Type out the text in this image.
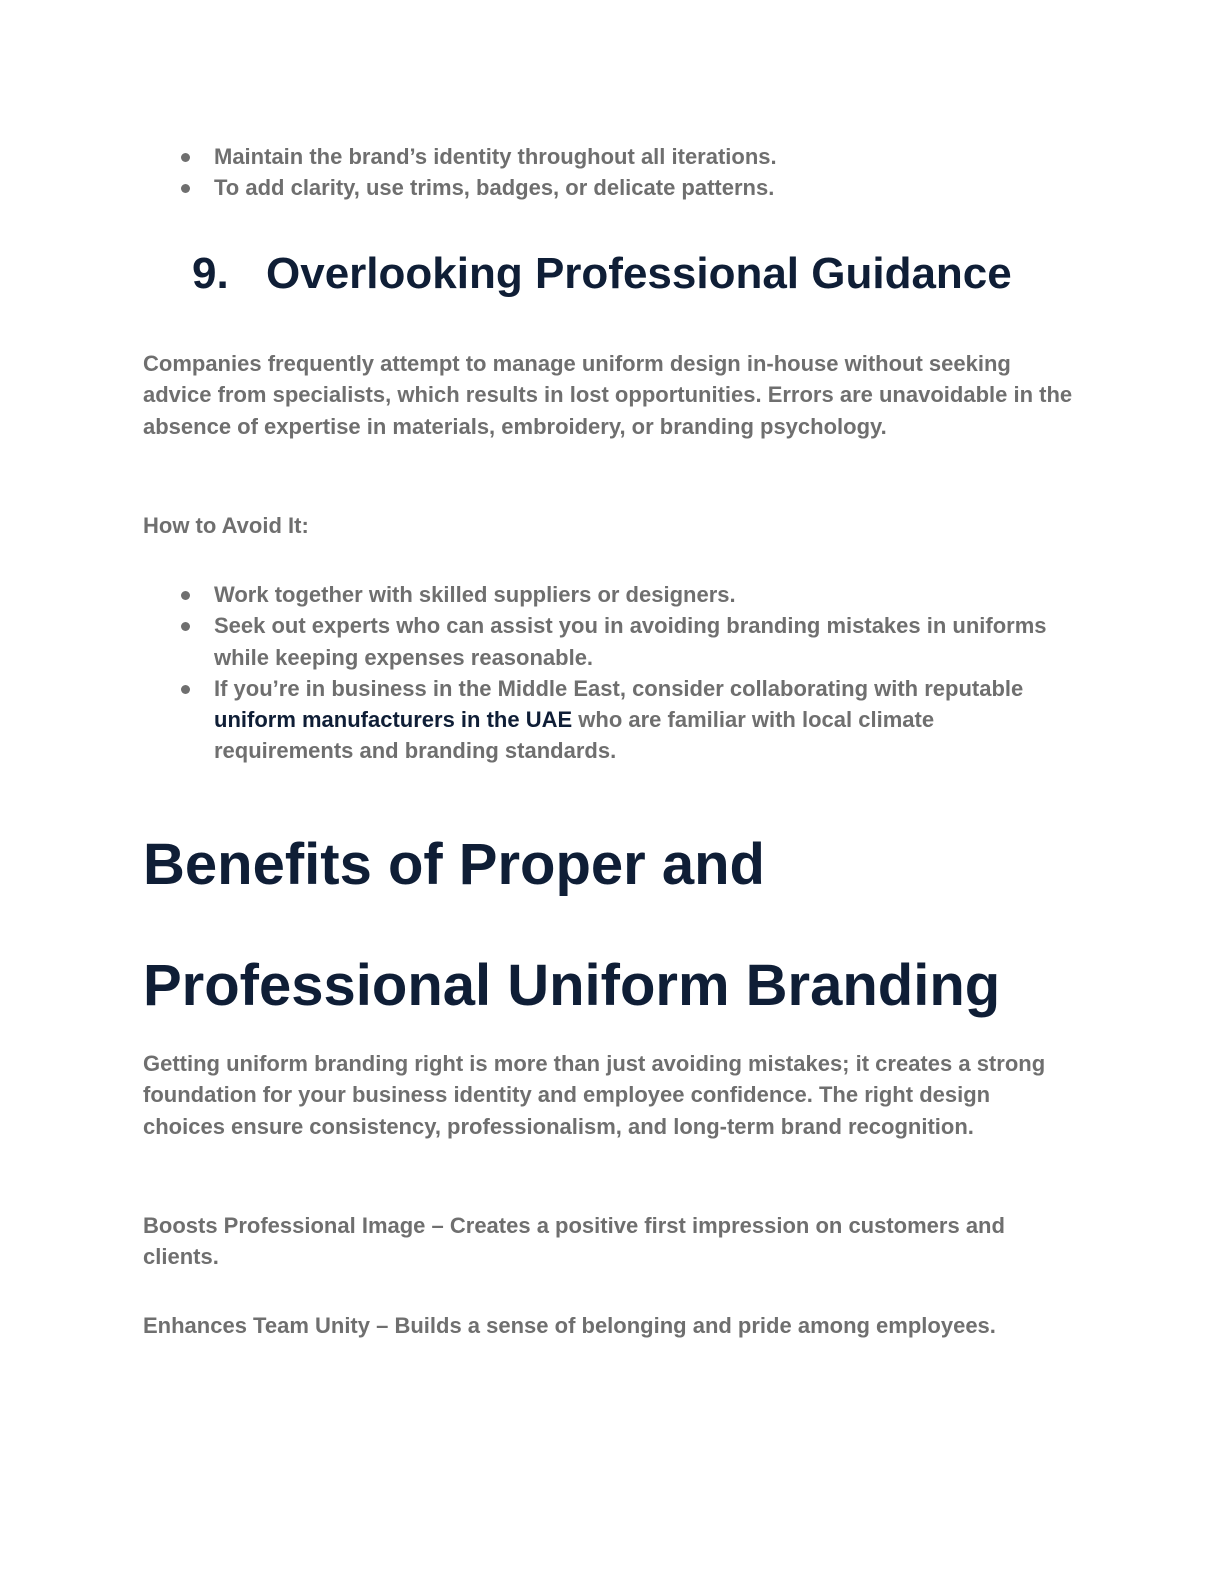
Maintain the brand’s identity throughout all iterations.
To add clarity, use trims, badges, or delicate patterns.
9. Overlooking Professional Guidance

Companies frequently attempt to manage uniform design in-house without seeking advice from specialists, which results in lost opportunities. Errors are unavoidable in the absence of expertise in materials, embroidery, or branding psychology.

How to Avoid It:

Work together with skilled suppliers or designers.
Seek out experts who can assist you in avoiding branding mistakes in uniforms while keeping expenses reasonable.
If you’re in business in the Middle East, consider collaborating with reputable uniform manufacturers in the UAE who are familiar with local climate requirements and branding standards.
Benefits of Proper and
Professional Uniform Branding

Getting uniform branding right is more than just avoiding mistakes; it creates a strong foundation for your business identity and employee confidence. The right design choices ensure consistency, professionalism, and long-term brand recognition.

Boosts Professional Image – Creates a positive first impression on customers and clients.

Enhances Team Unity – Builds a sense of belonging and pride among employees.
